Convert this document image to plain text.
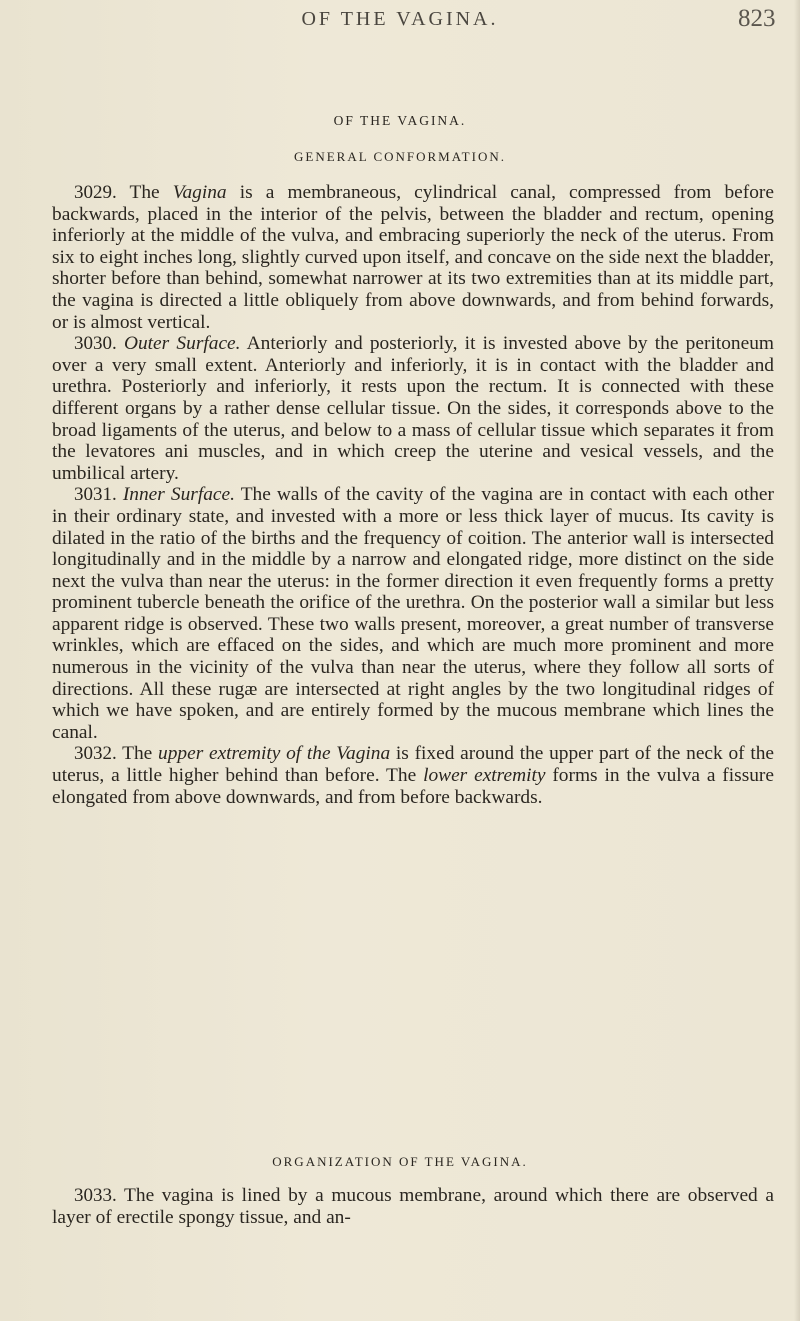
OF THE VAGINA.	823
OF THE VAGINA.
GENERAL CONFORMATION.

3029. The Vagina is a membraneous, cylindrical canal, compressed from before backwards, placed in the interior of the pelvis, between the bladder and rectum, opening inferiorly at the middle of the vulva, and embracing superiorly the neck of the uterus. From six to eight inches long, slightly curved upon itself, and concave on the side next the bladder, shorter before than behind, somewhat narrower at its two extremities than at its middle part, the vagina is directed a little obliquely from above downwards, and from behind forwards, or is almost vertical.

3030. Outer Surface. Anteriorly and posteriorly, it is invested above by the peritoneum over a very small extent. Anteriorly and inferiorly, it is in contact with the bladder and urethra. Posteriorly and inferiorly, it rests upon the rectum. It is connected with these different organs by a rather dense cellular tissue. On the sides, it corresponds above to the broad ligaments of the uterus, and below to a mass of cellular tissue which separates it from the levatores ani muscles, and in which creep the uterine and vesical vessels, and the umbilical artery.

3031. Inner Surface. The walls of the cavity of the vagina are in contact with each other in their ordinary state, and invested with a more or less thick layer of mucus. Its cavity is dilated in the ratio of the births and the frequency of coition. The anterior wall is intersected longitudinally and in the middle by a narrow and elongated ridge, more distinct on the side next the vulva than near the uterus: in the former direction it even frequently forms a pretty prominent tubercle beneath the orifice of the urethra. On the posterior wall a similar but less apparent ridge is observed. These two walls present, moreover, a great number of transverse wrinkles, which are effaced on the sides, and which are much more prominent and more numerous in the vicinity of the vulva than near the uterus, where they follow all sorts of directions. All these rugæ are intersected at right angles by the two longitudinal ridges of which we have spoken, and are entirely formed by the mucous membrane which lines the canal.

3032. The upper extremity of the Vagina is fixed around the upper part of the neck of the uterus, a little higher behind than before. The lower extremity forms in the vulva a fissure elongated from above downwards, and from before backwards.

ORGANIZATION OF THE VAGINA.

3033. The vagina is lined by a mucous membrane, around which there are observed a layer of erectile spongy tissue, and an-
